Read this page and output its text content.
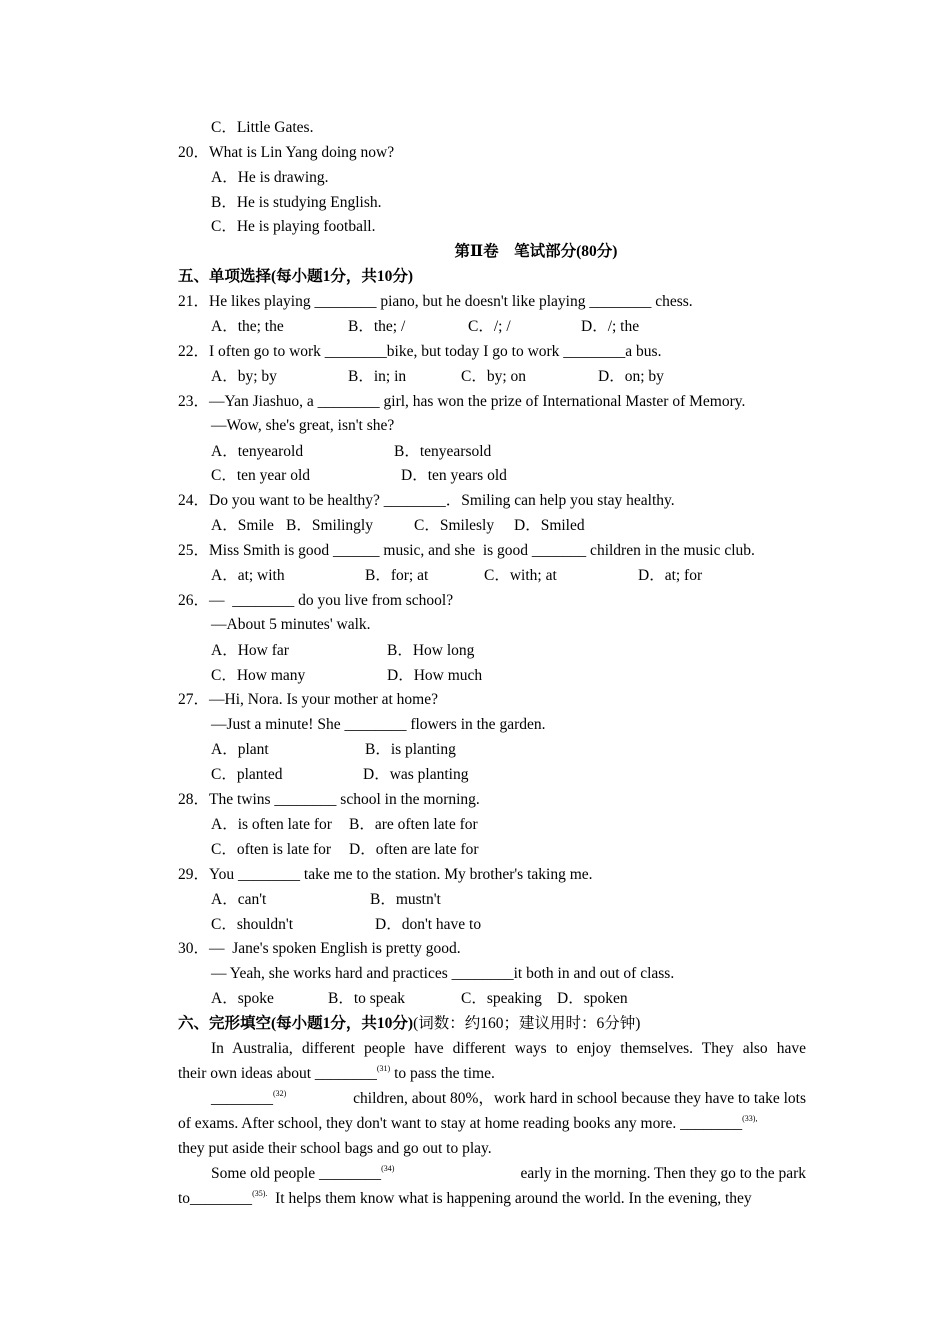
C．Little Gates.
20．What is Lin Yang doing now?
A．He is drawing.
B．He is studying English.
C．He is playing football.
第Ⅱ卷　笔试部分(80分)
五、单项选择(每小题1分，共10分)
21．He likes playing ________ piano, but he doesn't like playing ________ chess.
A．the; the	B．the; /	C．/; /	D．/; the
22．I often go to work ________bike, but today I go to work ________a bus.
A．by; by	B．in; in	C．by; on	D．on; by
23．—Yan Jiashuo, a ________ girl, has won the prize of International Master of Memory.
—Wow, she's great, isn't she?
A．tenyearold	B．tenyearsold
C．ten year old	D．ten years old
24．Do you want to be healthy? ________．Smiling can help you stay healthy.
A．Smile B．Smilingly	C．Smilesly D．Smiled
25．Miss Smith is good ______ music, and she  is good _______ children in the music club.
A．at; with	B．for; at	C．with; at	D．at; for
26．—  ________ do you live from school?
—About 5 minutes' walk.
A．How far	B．How long
C．How many	D．How much
27．—Hi, Nora. Is your mother at home?
—Just a minute! She ________ flowers in the garden.
A．plant	B．is planting
C．planted	D．was planting
28．The twins ________ school in the morning.
A．is often late for B．are often late for
C．often is late for D．often are late for
29．You ________ take me to the station. My brother's taking me.
A．can't	B．mustn't
C．shouldn't	D．don't have to
30．—  Jane's spoken English is pretty good.
— Yeah, she works hard and practices ________it both in and out of class.
A．spoke	B．to speak	C．speaking D．spoken
六、完形填空(每小题1分，共10分)(词数：约160；建议用时：6分钟)
In Australia, different people have different ways to enjoy themselves. They also have
their own ideas about ________$^{(31)}$ to pass the time.
________$^{(32)}$	children, about 80%，work hard in school because they have to take lots
of exams. After school, they don't want to stay at home reading books any more. ________$^{(33),}$
they put aside their school bags and go out to play.
Some old people ________$^{(34)}$	early in the morning. Then they go to the park
to________$^{(35).}$  It helps them know what is happening around the world. In the evening, they
